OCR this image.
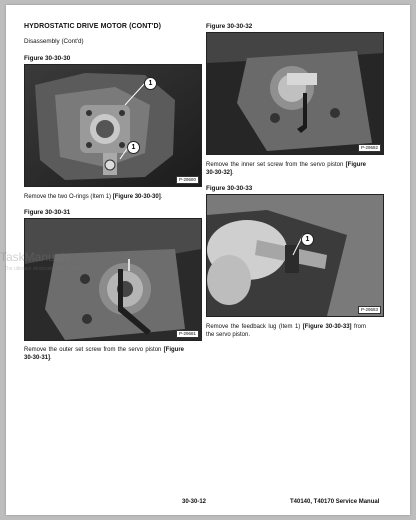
HYDROSTATIC DRIVE MOTOR (CONT'D)
Disassembly (Cont'd)
Figure 30-30-30
1
1
P-29680
Remove the two O-rings (Item 1) [Figure 30-30-30].
Figure 30-30-31
P-29681
Remove the outer set screw from the servo piston [Figure 30-30-31].
Figure 30-30-32
P-29682
Remove the inner set screw from the servo piston [Figure 30-30-32].
Figure 30-30-33
1
P-29683
Remove the feedback lug (Item 1) [Figure 30-30-33] from the servo piston.
30-30-12	T40140, T40170 Service Manual
TaskManuals
The ultimate destination for manuals
